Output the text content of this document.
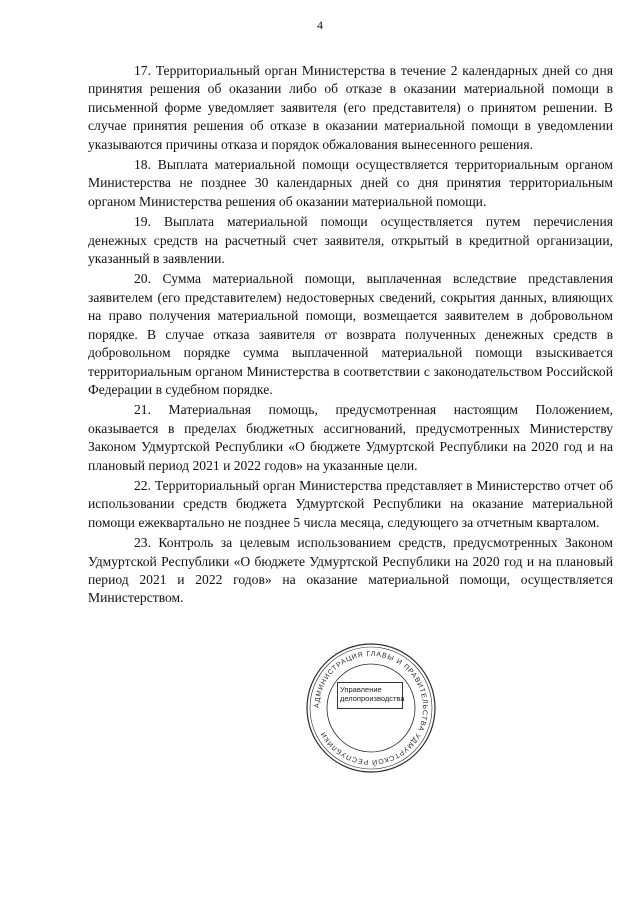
4

17. Территориальный орган Министерства в течение 2 календарных дней со дня принятия решения об оказании либо об отказе в оказании материальной помощи в письменной форме уведомляет заявителя (его представителя) о принятом решении. В случае принятия решения об отказе в оказании материальной помощи в уведомлении указываются причины отказа и порядок обжалования вынесенного решения.

18. Выплата материальной помощи осуществляется территориальным органом Министерства не позднее 30 календарных дней со дня принятия территориальным органом Министерства решения об оказании материальной помощи.

19. Выплата материальной помощи осуществляется путем перечисления денежных средств на расчетный счет заявителя, открытый в кредитной организации, указанный в заявлении.

20. Сумма материальной помощи, выплаченная вследствие представления заявителем (его представителем) недостоверных сведений, сокрытия данных, влияющих на право получения материальной помощи, возмещается заявителем в добровольном порядке. В случае отказа заявителя от возврата полученных денежных средств в добровольном порядке сумма выплаченной материальной помощи взыскивается территориальным органом Министерства в соответствии с законодательством Российской Федерации в судебном порядке.

21. Материальная помощь, предусмотренная настоящим Положением, оказывается в пределах бюджетных ассигнований, предусмотренных Министерству Законом Удмуртской Республики «О бюджете Удмуртской Республики на 2020 год и на плановый период 2021 и 2022 годов» на указанные цели.

22. Территориальный орган Министерства представляет в Министерство отчет об использовании средств бюджета Удмуртской Республики на оказание материальной помощи ежеквартально не позднее 5 числа месяца, следующего за отчетным кварталом.

23. Контроль за целевым использованием средств, предусмотренных Законом Удмуртской Республики «О бюджете Удмуртской Республики на 2020 год и на плановый период 2021 и 2022 годов» на оказание материальной помощи, осуществляется Министерством.

АДМИНИСТРАЦИЯ ГЛАВЫ И ПРАВИТЕЛЬСТВА УДМУРТСКОЙ РЕСПУБЛИКИ
Управление
делопроизводства
